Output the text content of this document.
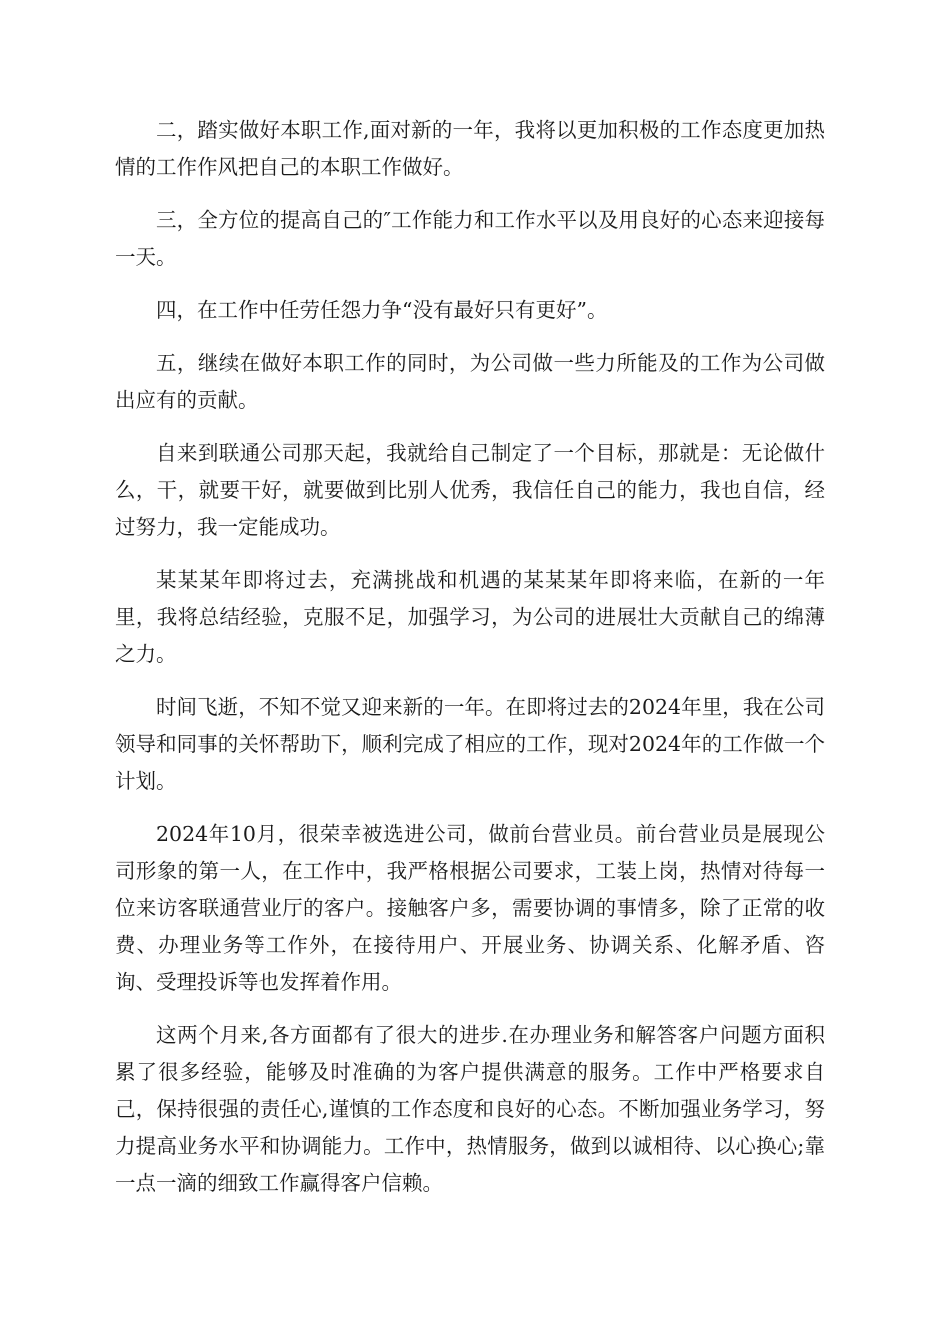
二，踏实做好本职工作,面对新的一年，我将以更加积极的工作态度更加热情的工作作风把自己的本职工作做好。

三，全方位的提高自己的″工作能力和工作水平以及用良好的心态来迎接每一天。

四，在工作中任劳任怨力争“没有最好只有更好”。

五，继续在做好本职工作的同时，为公司做一些力所能及的工作为公司做出应有的贡献。

自来到联通公司那天起，我就给自己制定了一个目标，那就是：无论做什么，干，就要干好，就要做到比别人优秀，我信任自己的能力，我也自信，经过努力，我一定能成功。

某某某年即将过去，充满挑战和机遇的某某某年即将来临，在新的一年里，我将总结经验，克服不足，加强学习，为公司的进展壮大贡献自己的绵薄之力。

时间飞逝，不知不觉又迎来新的一年。在即将过去的2024年里，我在公司领导和同事的关怀帮助下，顺利完成了相应的工作，现对2024年的工作做一个计划。

2024年10月，很荣幸被选进公司，做前台营业员。前台营业员是展现公司形象的第一人，在工作中，我严格根据公司要求，工装上岗，热情对待每一位来访客联通营业厅的客户。接触客户多，需要协调的事情多，除了正常的收费、办理业务等工作外，在接待用户、开展业务、协调关系、化解矛盾、咨询、受理投诉等也发挥着作用。

这两个月来,各方面都有了很大的进步.在办理业务和解答客户问题方面积累了很多经验，能够及时准确的为客户提供满意的服务。工作中严格要求自己，保持很强的责任心,谨慎的工作态度和良好的心态。不断加强业务学习，努力提高业务水平和协调能力。工作中，热情服务，做到以诚相待、以心换心;靠一点一滴的细致工作赢得客户信赖。
